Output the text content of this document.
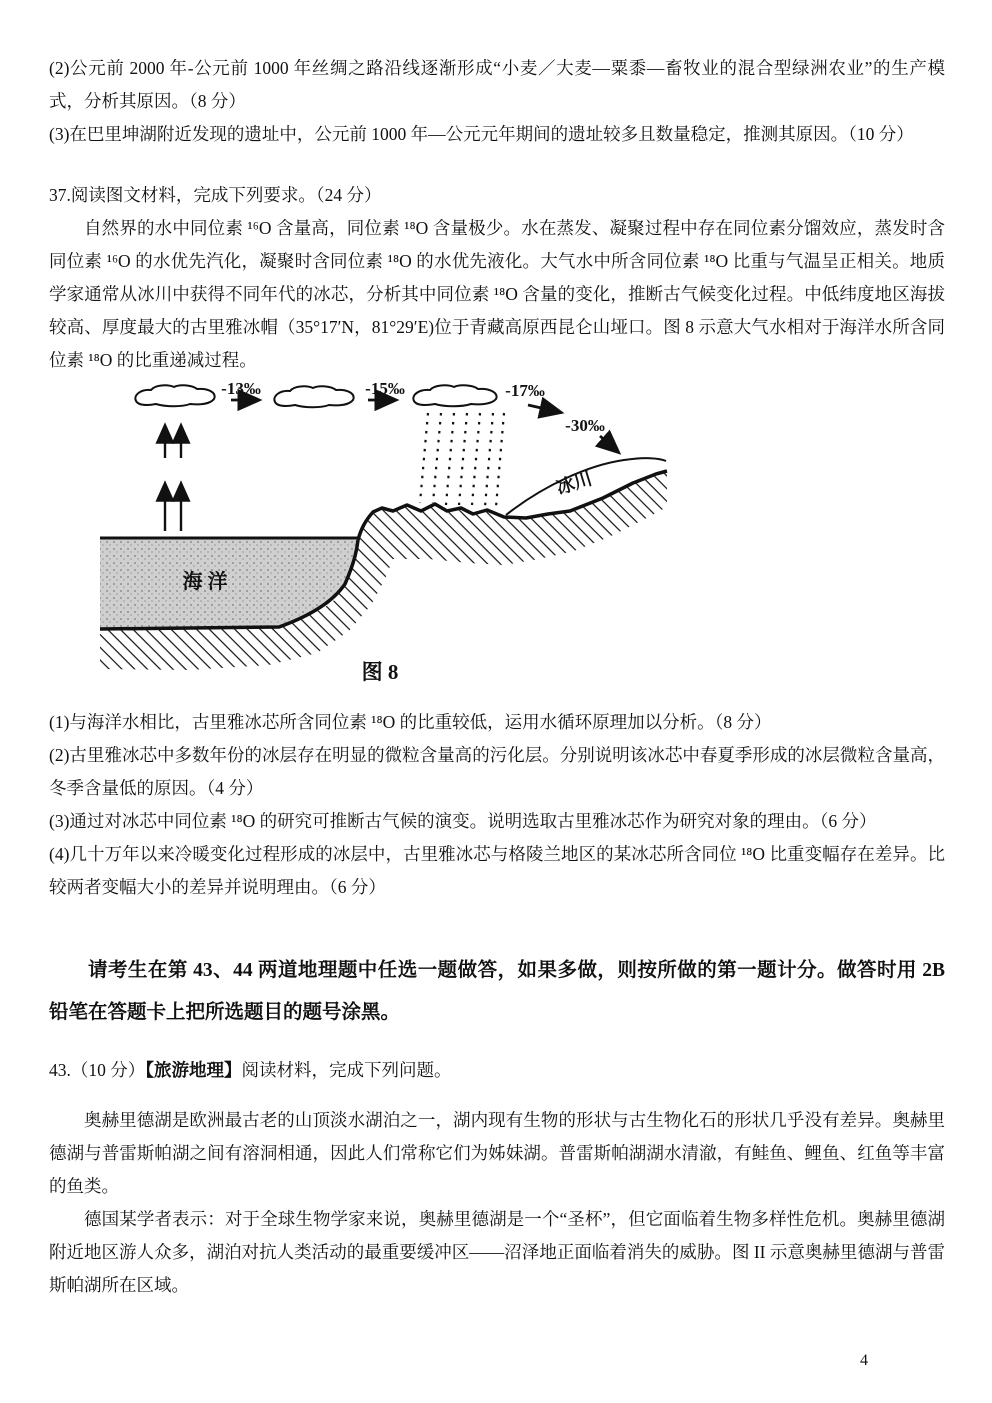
(2)公元前 2000 年-公元前 1000 年丝绸之路沿线逐渐形成“小麦／大麦—粟黍—畜牧业的混合型绿洲农业”的生产模式，分析其原因。（8 分）

(3)在巴里坤湖附近发现的遗址中，公元前 1000 年—公元元年期间的遗址较多且数量稳定，推测其原因。（10 分）

37.阅读图文材料，完成下列要求。（24 分）

自然界的水中同位素 ¹⁶O 含量高，同位素 ¹⁸O 含量极少。水在蒸发、凝聚过程中存在同位素分馏效应，蒸发时含同位素 ¹⁶O 的水优先汽化，凝聚时含同位素 ¹⁸O 的水优先液化。大气水中所含同位素 ¹⁸O 比重与气温呈正相关。地质学家通常从冰川中获得不同年代的冰芯，分析其中同位素 ¹⁸O 含量的变化，推断古气候变化过程。中低纬度地区海拔较高、厚度最大的古里雅冰帽（35°17′N，81°29′E)位于青藏高原西昆仑山垭口。图 8 示意大气水相对于海洋水所含同位素 ¹⁸O 的比重递减过程。

冰川
-13‰	-15‰	-17‰
-30‰
海 洋
图 8

(1)与海洋水相比，古里雅冰芯所含同位素 ¹⁸O 的比重较低，运用水循环原理加以分析。（8 分）

(2)古里雅冰芯中多数年份的冰层存在明显的微粒含量高的污化层。分别说明该冰芯中春夏季形成的冰层微粒含量高，冬季含量低的原因。（4 分）

(3)通过对冰芯中同位素 ¹⁸O 的研究可推断古气候的演变。说明选取古里雅冰芯作为研究对象的理由。（6 分）

(4)几十万年以来冷暖变化过程形成的冰层中，古里雅冰芯与格陵兰地区的某冰芯所含同位 ¹⁸O 比重变幅存在差异。比较两者变幅大小的差异并说明理由。（6 分）

请考生在第 43、44 两道地理题中任选一题做答，如果多做，则按所做的第一题计分。做答时用 2B 铅笔在答题卡上把所选题目的题号涂黑。

43.（10 分）【旅游地理】阅读材料，完成下列问题。

奥赫里德湖是欧洲最古老的山顶淡水湖泊之一，湖内现有生物的形状与古生物化石的形状几乎没有差异。奥赫里德湖与普雷斯帕湖之间有溶洞相通，因此人们常称它们为姊妹湖。普雷斯帕湖湖水清澈，有鲑鱼、鲤鱼、红鱼等丰富的鱼类。

德国某学者表示：对于全球生物学家来说，奥赫里德湖是一个“圣杯”，但它面临着生物多样性危机。奥赫里德湖附近地区游人众多，湖泊对抗人类活动的最重要缓冲区——沼泽地正面临着消失的威胁。图 II 示意奥赫里德湖与普雷斯帕湖所在区域。

4
